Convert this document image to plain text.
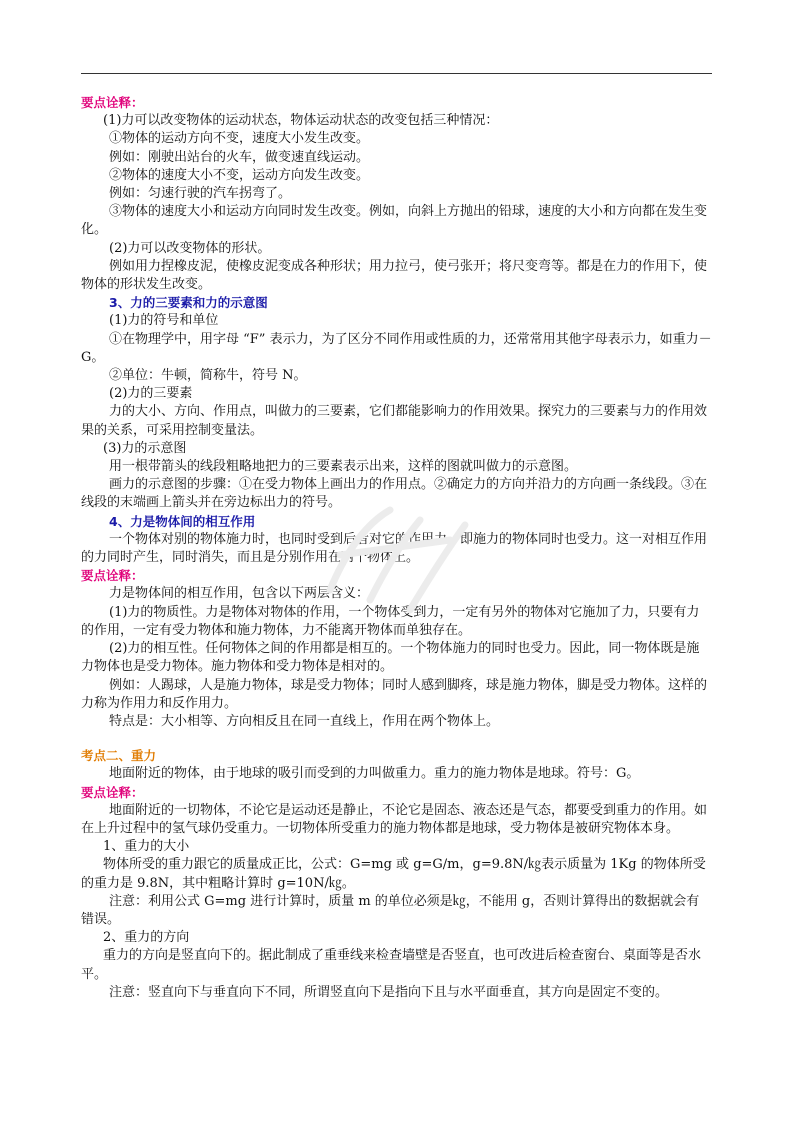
要点诠释：

(1)力可以改变物体的运动状态，物体运动状态的改变包括三种情况：

①物体的运动方向不变，速度大小发生改变。

例如：刚驶出站台的火车，做变速直线运动。

②物体的速度大小不变，运动方向发生改变。

例如：匀速行驶的汽车拐弯了。

③物体的速度大小和运动方向同时发生改变。例如，向斜上方抛出的铅球，速度的大小和方向都在发生变化。

(2)力可以改变物体的形状。

例如用力捏橡皮泥，使橡皮泥变成各种形状；用力拉弓，使弓张开；将尺变弯等。都是在力的作用下，使物体的形状发生改变。

3、力的三要素和力的示意图

(1)力的符号和单位

①在物理学中，用字母 “F” 表示力，为了区分不同作用或性质的力，还常常用其他字母表示力，如重力－G。

②单位：牛顿，简称牛，符号 N。

(2)力的三要素

力的大小、方向、作用点，叫做力的三要素，它们都能影响力的作用效果。探究力的三要素与力的作用效果的关系，可采用控制变量法。

(3)力的示意图

用一根带箭头的线段粗略地把力的三要素表示出来，这样的图就叫做力的示意图。

画力的示意图的步骤：①在受力物体上画出力的作用点。②确定力的方向并沿力的方向画一条线段。③在线段的末端画上箭头并在旁边标出力的符号。

4、力是物体间的相互作用

一个物体对别的物体施力时，也同时受到后者对它的作用力。即施力的物体同时也受力。这一对相互作用的力同时产生，同时消失，而且是分别作用在两个物体上。

要点诠释：

力是物体间的相互作用，包含以下两层含义：

(1)力的物质性。力是物体对物体的作用，一个物体受到力，一定有另外的物体对它施加了力，只要有力的作用，一定有受力物体和施力物体，力不能离开物体而单独存在。

(2)力的相互性。任何物体之间的作用都是相互的。一个物体施力的同时也受力。因此，同一物体既是施力物体也是受力物体。施力物体和受力物体是相对的。

例如：人踢球，人是施力物体，球是受力物体；同时人感到脚疼，球是施力物体，脚是受力物体。这样的力称为作用力和反作用力。

特点是：大小相等、方向相反且在同一直线上，作用在两个物体上。

考点二、重力

地面附近的物体，由于地球的吸引而受到的力叫做重力。重力的施力物体是地球。符号：G。

要点诠释：

地面附近的一切物体，不论它是运动还是静止，不论它是固态、液态还是气态，都要受到重力的作用。如在上升过程中的氢气球仍受重力。一切物体所受重力的施力物体都是地球，受力物体是被研究物体本身。

1、重力的大小

物体所受的重力跟它的质量成正比，公式：G=mg 或 g=G/m，g=9.8N/㎏表示质量为 1Kg 的物体所受的重力是 9.8N，其中粗略计算时 g=10N/㎏。

注意：利用公式 G=mg 进行计算时，质量 m 的单位必须是㎏，不能用 g，否则计算得出的数据就会有错误。

2、重力的方向

重力的方向是竖直向下的。据此制成了重垂线来检查墙壁是否竖直，也可改进后检查窗台、桌面等是否水平。

注意：竖直向下与垂直向下不同，所谓竖直向下是指向下且与水平面垂直，其方向是固定不变的。
